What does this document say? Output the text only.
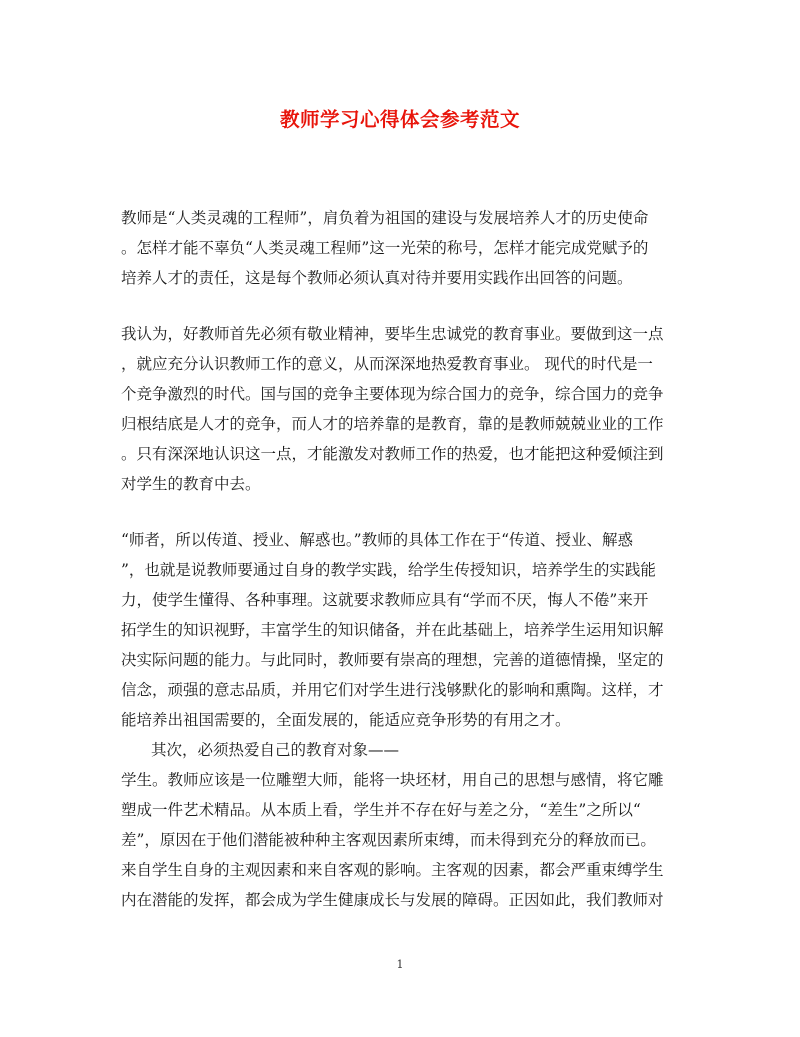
教师学习心得体会参考范文
教师是“人类灵魂的工程师”，肩负着为祖国的建设与发展培养人才的历史使命
。怎样才能不辜负“人类灵魂工程师”这一光荣的称号，怎样才能完成党赋予的
培养人才的责任，这是每个教师必须认真对待并要用实践作出回答的问题。
我认为，好教师首先必须有敬业精神，要毕生忠诚党的教育事业。要做到这一点
，就应充分认识教师工作的意义，从而深深地热爱教育事业。 现代的时代是一
个竞争激烈的时代。国与国的竞争主要体现为综合国力的竞争，综合国力的竞争
归根结底是人才的竞争，而人才的培养靠的是教育，靠的是教师兢兢业业的工作
。只有深深地认识这一点，才能激发对教师工作的热爱，也才能把这种爱倾注到
对学生的教育中去。
“师者，所以传道、授业、解惑也。”教师的具体工作在于“传道、授业、解惑
”，也就是说教师要通过自身的教学实践，给学生传授知识，培养学生的实践能
力，使学生懂得、各种事理。这就要求教师应具有“学而不厌，悔人不倦”来开
拓学生的知识视野，丰富学生的知识储备，并在此基础上，培养学生运用知识解
决实际问题的能力。与此同时，教师要有崇高的理想，完善的道德情操，坚定的
信念，顽强的意志品质，并用它们对学生进行浅够默化的影响和熏陶。这样，才
能培养出祖国需要的，全面发展的，能适应竞争形势的有用之才。
其次，必须热爱自己的教育对象——
学生。教师应该是一位雕塑大师，能将一块坯材，用自己的思想与感情，将它雕
塑成一件艺术精品。从本质上看，学生并不存在好与差之分，“差生”之所以“
差”，原因在于他们潜能被种种主客观因素所束缚，而未得到充分的释放而已。
来自学生自身的主观因素和来自客观的影响。主客观的因素，都会严重束缚学生
内在潜能的发挥，都会成为学生健康成长与发展的障碍。正因如此，我们教师对
1
